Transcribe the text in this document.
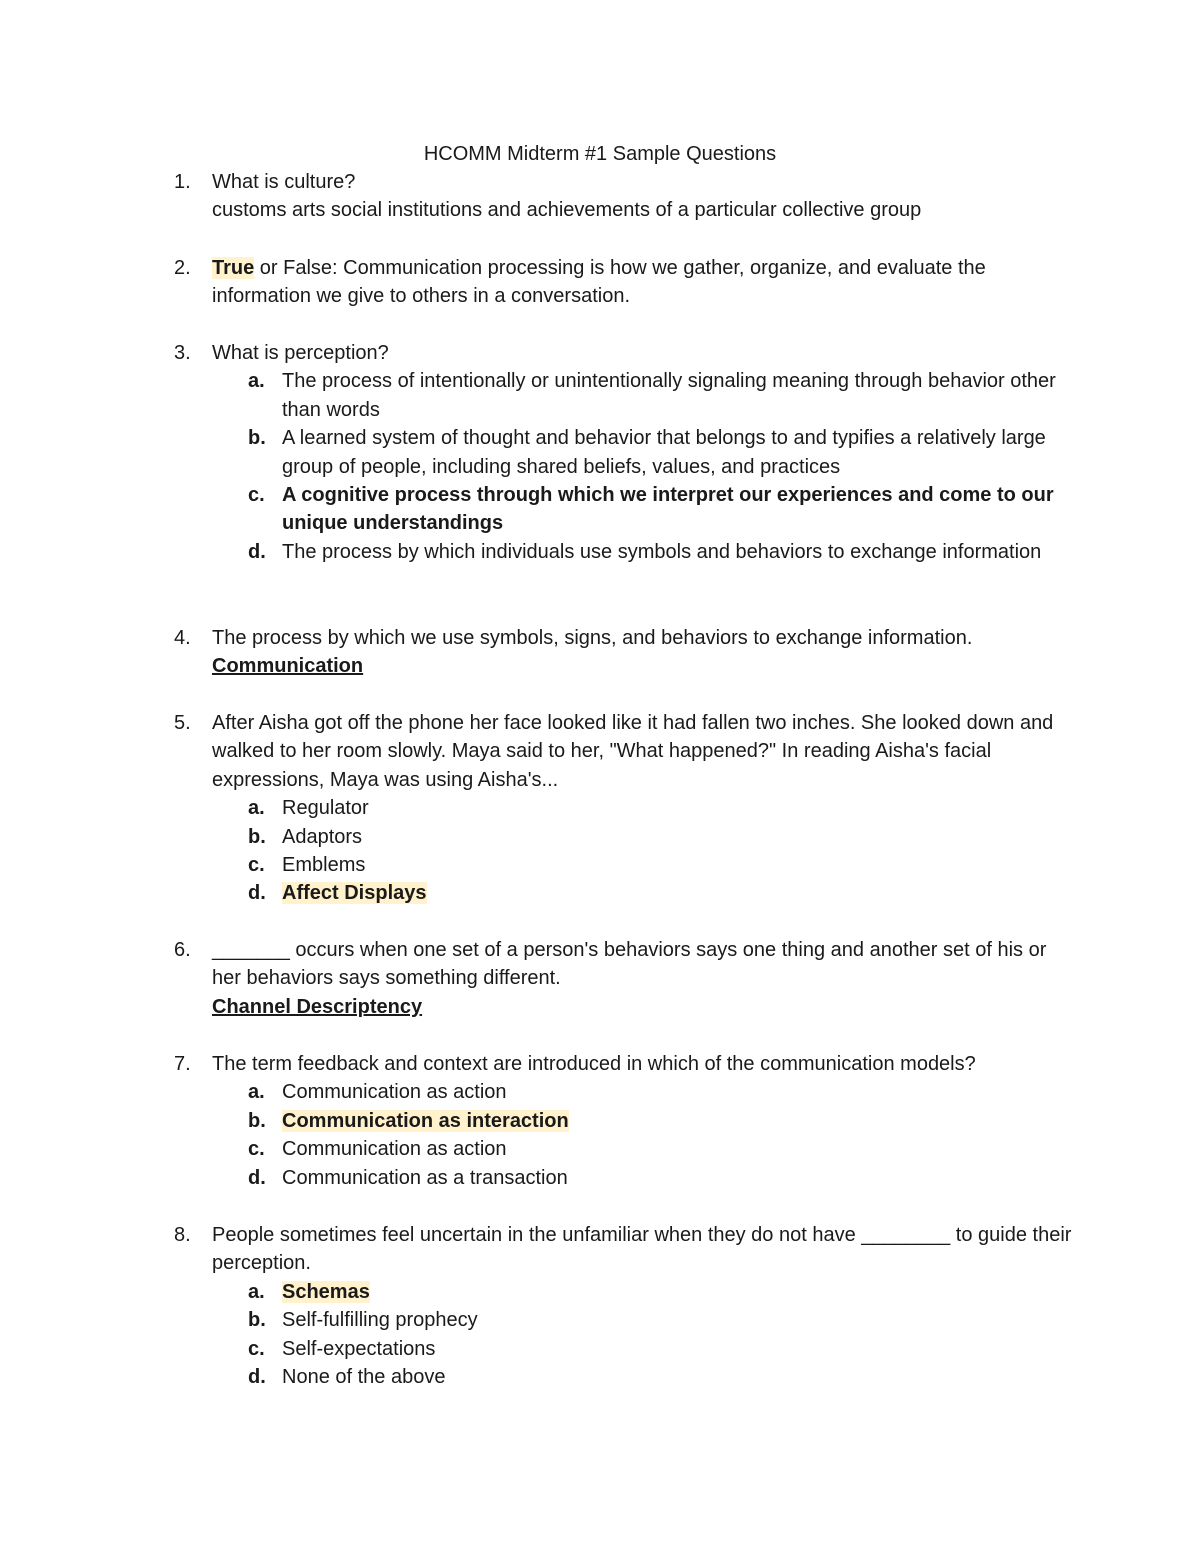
HCOMM Midterm #1 Sample Questions
1.	What is culture?
customs arts social institutions and achievements of a particular collective group
2.	True or False: Communication processing is how we gather, organize, and evaluate the information we give to others in a conversation.
3.	What is perception?
a. The process of intentionally or unintentionally signaling meaning through behavior other than words
b. A learned system of thought and behavior that belongs to and typifies a relatively large group of people, including shared beliefs, values, and practices
c. A cognitive process through which we interpret our experiences and come to our unique understandings
d. The process by which individuals use symbols and behaviors to exchange information
4.	The process by which we use symbols, signs, and behaviors to exchange information.
Communication
5.	After Aisha got off the phone her face looked like it had fallen two inches. She looked down and walked to her room slowly. Maya said to her, "What happened?" In reading Aisha's facial expressions, Maya was using Aisha's...
a. Regulator
b. Adaptors
c. Emblems
d. Affect Displays
6.	_______ occurs when one set of a person's behaviors says one thing and another set of his or her behaviors says something different.
Channel Descriptency
7.	The term feedback and context are introduced in which of the communication models?
a. Communication as action
b. Communication as interaction
c. Communication as action
d. Communication as a transaction
8.	People sometimes feel uncertain in the unfamiliar when they do not have ________ to guide their perception.
a. Schemas
b. Self-fulfilling prophecy
c. Self-expectations
d. None of the above
